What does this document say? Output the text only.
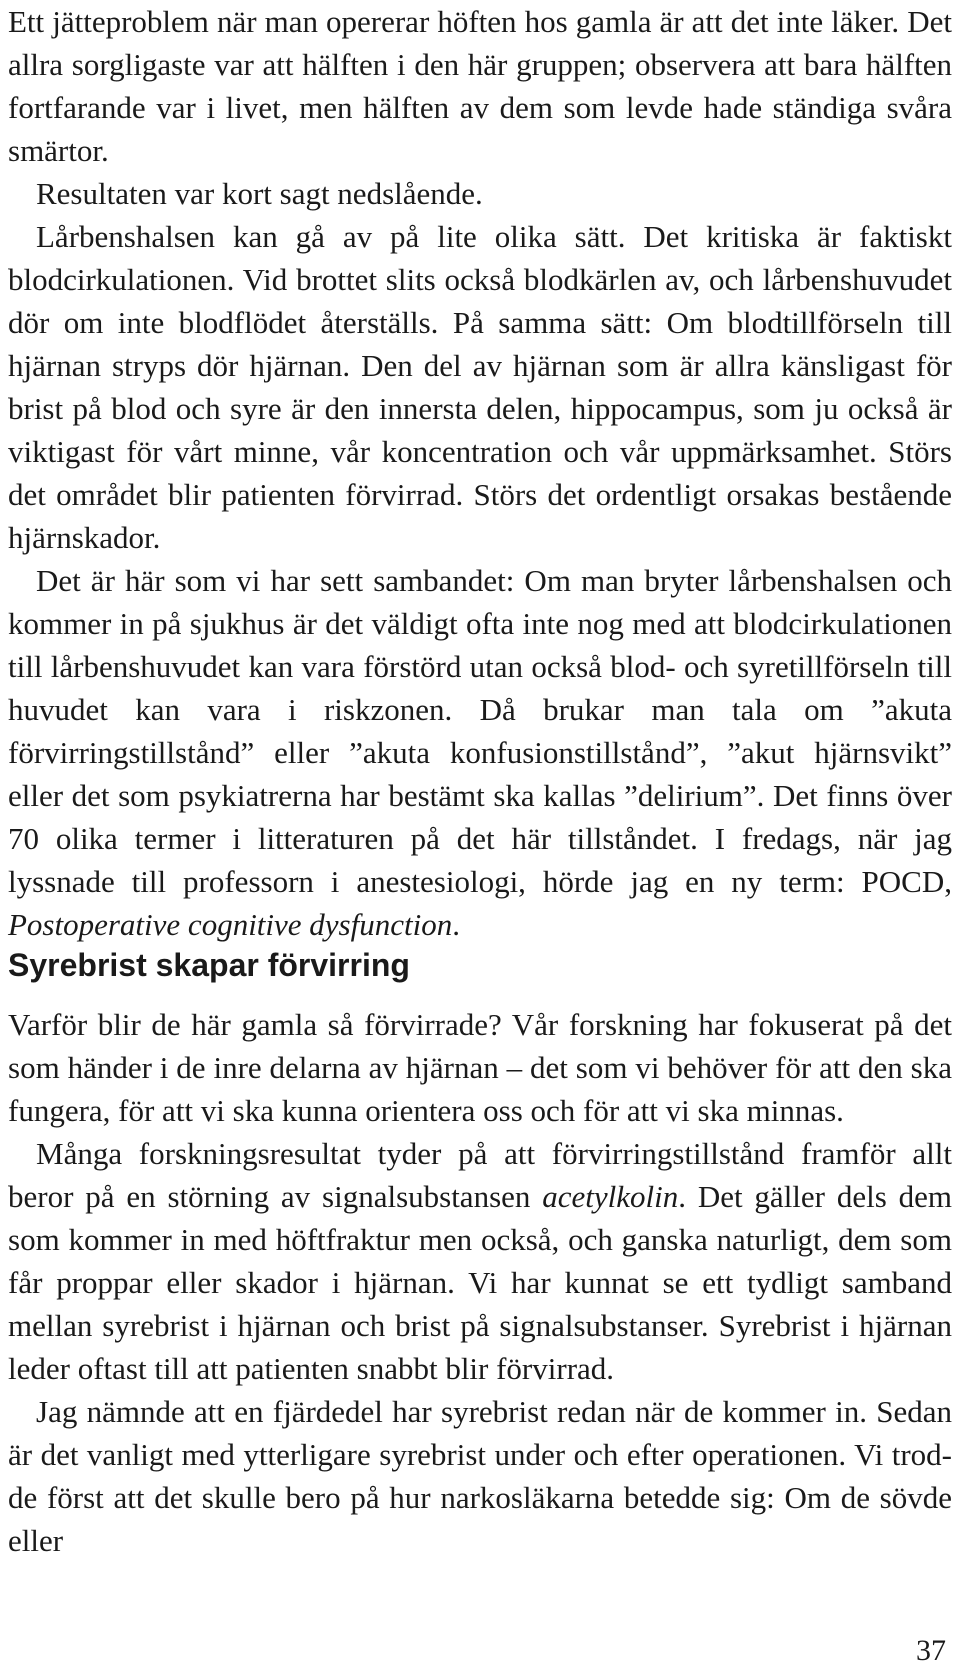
Ett jätteproblem när man opererar höften hos gamla är att det inte läker. Det allra sorgligaste var att hälften i den här gruppen; observera att bara hälften fortfarande var i livet, men hälften av dem som levde hade ständiga svåra smärtor.

Resultaten var kort sagt nedslående.

Lårbenshalsen kan gå av på lite olika sätt. Det kritiska är faktiskt blodcirkulationen. Vid brottet slits också blodkärlen av, och lårbenshuvudet dör om inte blodflödet återställs. På samma sätt: Om blodtillförseln till hjärnan stryps dör hjärnan. Den del av hjärnan som är allra känsligast för brist på blod och syre är den innersta delen, hippocampus, som ju också är viktigast för vårt minne, vår koncentration och vår uppmärksamhet. Störs det området blir patienten förvirrad. Störs det ordentligt orsakas bestående hjärnskador.

Det är här som vi har sett sambandet: Om man bryter lårbenshalsen och kommer in på sjukhus är det väldigt ofta inte nog med att blodcirkulationen till lårbenshuvudet kan vara förstörd utan också blod- och syretillförseln till huvudet kan vara i riskzonen. Då brukar man tala om ”akuta förvirringstillstånd” eller ”akuta konfusionstillstånd”, ”akut hjärnsvikt” eller det som psykiatrerna har bestämt ska kallas ”delirium”. Det finns över 70 olika termer i litteraturen på det här tillståndet. I fredags, när jag lyssnade till professorn i anestesiologi, hörde jag en ny term: POCD, Postoperative cognitive dysfunction.

Syrebrist skapar förvirring

Varför blir de här gamla så förvirrade? Vår forskning har fokuserat på det som händer i de inre delarna av hjärnan – det som vi behöver för att den ska fungera, för att vi ska kunna orientera oss och för att vi ska minnas.

Många forskningsresultat tyder på att förvirringstillstånd framför allt beror på en störning av signalsubstansen acetylkolin. Det gäller dels dem som kommer in med höftfraktur men också, och ganska naturligt, dem som får proppar eller skador i hjärnan. Vi har kunnat se ett tydligt samband mellan syrebrist i hjärnan och brist på signalsubstanser. Syrebrist i hjärnan leder oftast till att patienten snabbt blir förvirrad.

Jag nämnde att en fjärdedel har syrebrist redan när de kommer in. Sedan är det vanligt med ytterligare syrebrist under och efter operationen. Vi trodde först att det skulle bero på hur narkosläkarna betedde sig: Om de sövde eller

37
